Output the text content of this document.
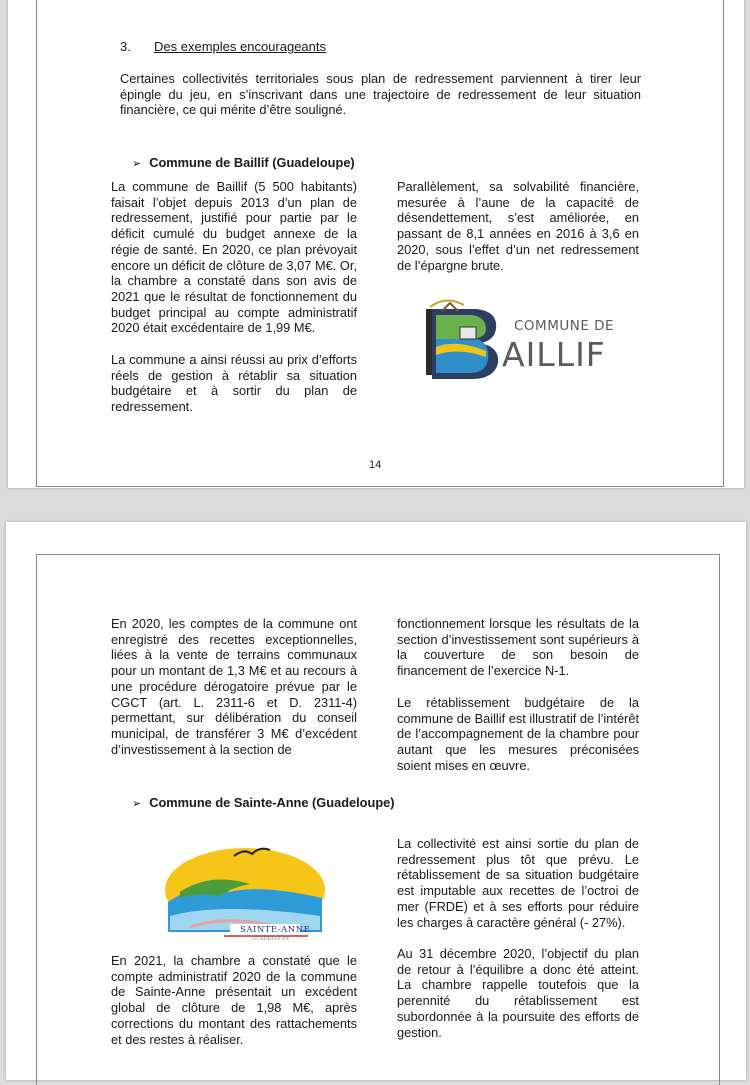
3. Des exemples encourageants
Certaines collectivités territoriales sous plan de redressement parviennent à tirer leur épingle du jeu, en s’inscrivant dans une trajectoire de redressement de leur situation financière, ce qui mérite d’être souligné.
➢ Commune de Baillif (Guadeloupe)
La commune de Baillif (5 500 habitants) faisait l’objet depuis 2013 d’un plan de redressement, justifié pour partie par le déficit cumulé du budget annexe de la régie de santé. En 2020, ce plan prévoyait encore un déficit de clôture de 3,07 M€. Or, la chambre a constaté dans son avis de 2021 que le résultat de fonctionnement du budget principal au compte administratif 2020 était excédentaire de 1,99 M€.
La commune a ainsi réussi au prix d’efforts réels de gestion à rétablir sa situation budgétaire et à sortir du plan de redressement.
Parallèlement, sa solvabilité financière, mesurée à l’aune de la capacité de désendettement, s’est améliorée, en passant de 8,1 années en 2016 à 3,6 en 2020, sous l’effet d’un net redressement de l’épargne brute.
COMMUNE DE
AILLIF
14
En 2020, les comptes de la commune ont enregistré des recettes exceptionnelles, liées à la vente de terrains communaux pour un montant de 1,3 M€ et au recours à une procédure dérogatoire prévue par le CGCT (art. L. 2311-6 et D. 2311-4) permettant, sur délibération du conseil municipal, de transférer 3 M€ d’excédent d’investissement à la section de
fonctionnement lorsque les résultats de la section d’investissement sont supérieurs à la couverture de son besoin de financement de l’exercice N-1.
Le rétablissement budgétaire de la commune de Baillif est illustratif de l’intérêt de l’accompagnement de la chambre pour autant que les mesures préconisées soient mises en œuvre.
➢ Commune de Sainte-Anne (Guadeloupe)
SAINTE-ANNE
GUADELOUPE
En 2021, la chambre a constaté que le compte administratif 2020 de la commune de Sainte-Anne présentait un excédent global de clôture de 1,98 M€, après corrections du montant des rattachements et des restes à réaliser.
La collectivité est ainsi sortie du plan de redressement plus tôt que prévu. Le rétablissement de sa situation budgétaire est imputable aux recettes de l’octroi de mer (FRDE) et à ses efforts pour réduire les charges à caractère général (- 27%).
Au 31 décembre 2020, l’objectif du plan de retour à l’équilibre a donc été atteint. La chambre rappelle toutefois que la perennité du rétablissement est subordonnée à la poursuite des efforts de gestion.
